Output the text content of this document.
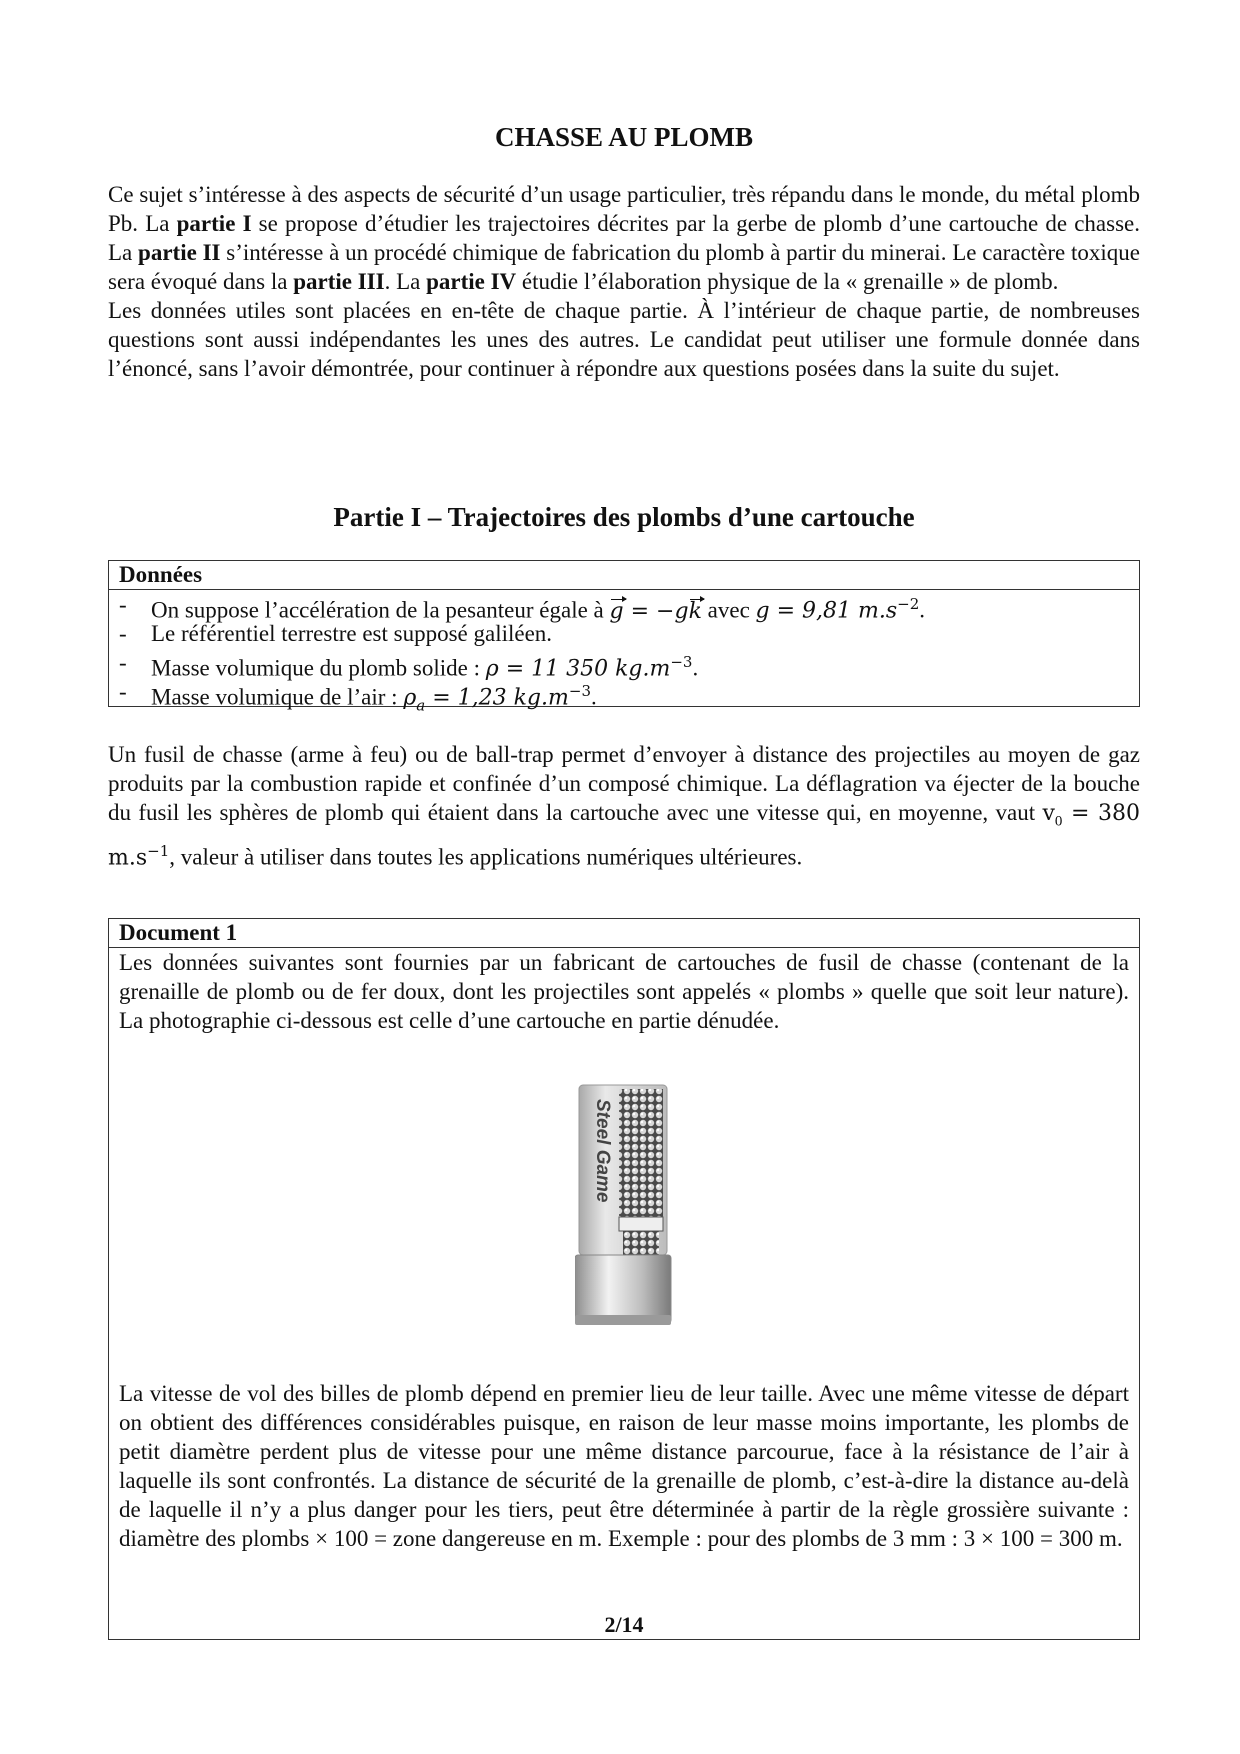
CHASSE AU PLOMB

Ce sujet s’intéresse à des aspects de sécurité d’un usage particulier, très répandu dans le monde, du métal plomb Pb. La partie I se propose d’étudier les trajectoires décrites par la gerbe de plomb d’une cartouche de chasse. La partie II s’intéresse à un procédé chimique de fabrication du plomb à partir du minerai. Le caractère toxique sera évoqué dans la partie III. La partie IV étudie l’élaboration physique de la « grenaille » de plomb.

Les données utiles sont placées en en-tête de chaque partie. À l’intérieur de chaque partie, de nombreuses questions sont aussi indépendantes les unes des autres. Le candidat peut utiliser une formule donnée dans l’énoncé, sans l’avoir démontrée, pour continuer à répondre aux questions posées dans la suite du sujet.

Partie I – Trajectoires des plombs d’une cartouche
Données
- On suppose l’accélération de la pesanteur égale à g = −gk avec g = 9,81 $m.s^{-2}$.
- Le référentiel terrestre est supposé galiléen.
- Masse volumique du plomb solide : ρ = 11 350 $kg.m^{-3}$.
- Masse volumique de l’air : $\rho_a = 1,23$ $kg.m^{-3}$.

Un fusil de chasse (arme à feu) ou de ball-trap permet d’envoyer à distance des projectiles au moyen de gaz produits par la combustion rapide et confinée d’un composé chimique. La déflagration va éjecter de la bouche du fusil les sphères de plomb qui étaient dans la cartouche avec une vitesse qui, en moyenne, vaut $v_0 = 380$ $m.s^{-1}$, valeur à utiliser dans toutes les applications numériques ultérieures.

Document 1

Les données suivantes sont fournies par un fabricant de cartouches de fusil de chasse (contenant de la grenaille de plomb ou de fer doux, dont les projectiles sont appelés « plombs » quelle que soit leur nature). La photographie ci-dessous est celle d’une cartouche en partie dénudée.

Steel Game

La vitesse de vol des billes de plomb dépend en premier lieu de leur taille. Avec une même vitesse de départ on obtient des différences considérables puisque, en raison de leur masse moins importante, les plombs de petit diamètre perdent plus de vitesse pour une même distance parcourue, face à la résistance de l’air à laquelle ils sont confrontés. La distance de sécurité de la grenaille de plomb, c’est-à-dire la distance au-delà de laquelle il n’y a plus danger pour les tiers, peut être déterminée à partir de la règle grossière suivante : diamètre des plombs × 100 = zone dangereuse en m. Exemple : pour des plombs de 3 mm : 3 × 100 = 300 m.

2/14
